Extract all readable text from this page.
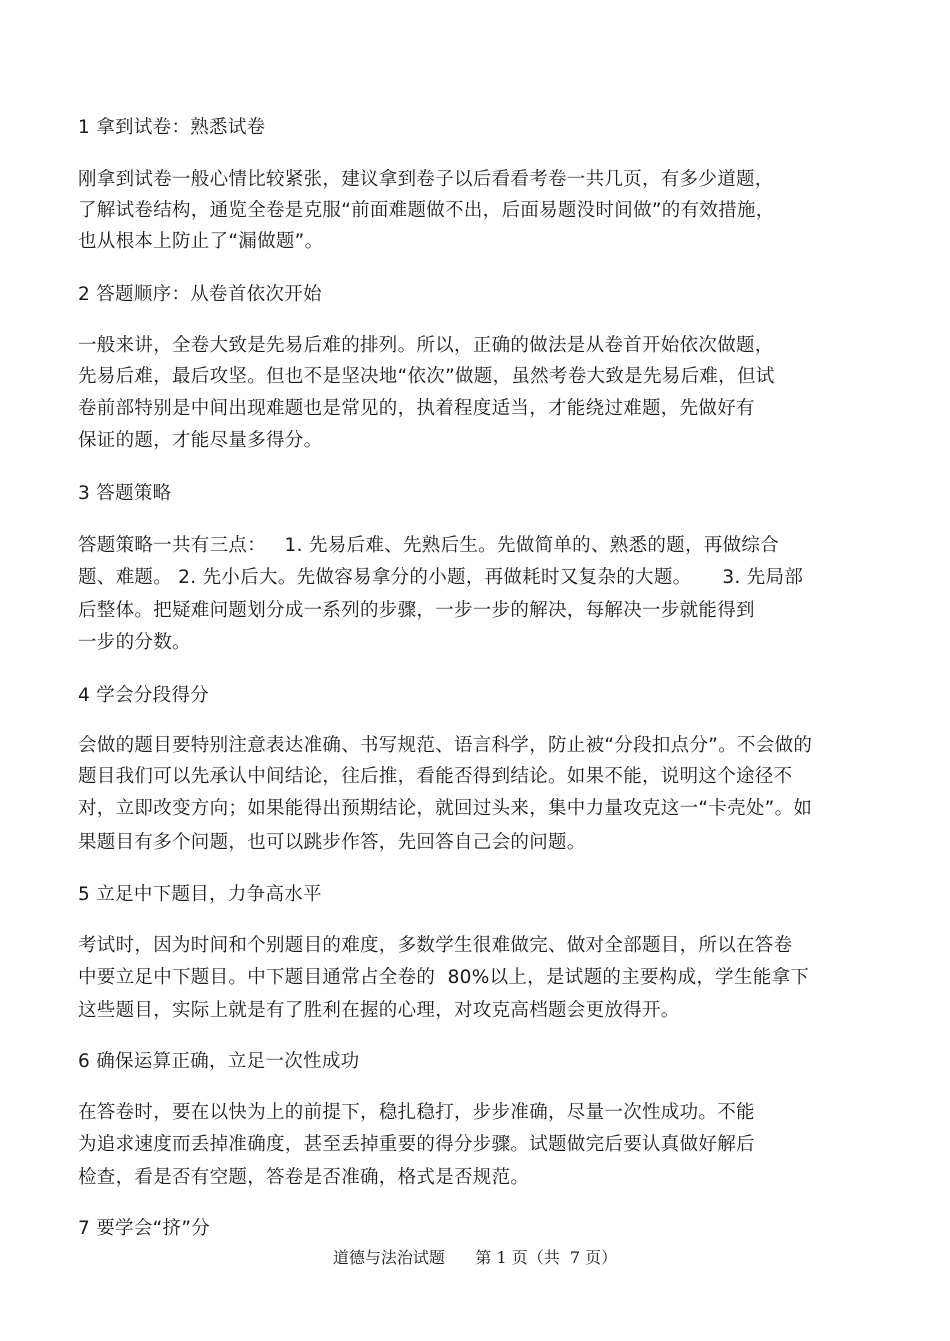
1 拿到试卷：熟悉试卷
刚拿到试卷一般心情比较紧张，建议拿到卷子以后看看考卷一共几页，有多少道题，
了解试卷结构，通览全卷是克服“前面难题做不出，后面易题没时间做”的有效措施，
也从根本上防止了“漏做题”。
2 答题顺序：从卷首依次开始
一般来讲，全卷大致是先易后难的排列。所以，正确的做法是从卷首开始依次做题，
先易后难，最后攻坚。但也不是坚决地“依次”做题，虽然考卷大致是先易后难，但试
卷前部特别是中间出现难题也是常见的，执着程度适当，才能绕过难题，先做好有
保证的题，才能尽量多得分。
3 答题策略
答题策略一共有三点：   1. 先易后难、先熟后生。先做简单的、熟悉的题，再做综合
题、难题。 2. 先小后大。先做容易拿分的小题，再做耗时又复杂的大题。     3. 先局部
后整体。把疑难问题划分成一系列的步骤，一步一步的解决，每解决一步就能得到
一步的分数。
4 学会分段得分
会做的题目要特别注意表达准确、书写规范、语言科学，防止被“分段扣点分”。不会做的
题目我们可以先承认中间结论，往后推，看能否得到结论。如果不能，说明这个途径不
对，立即改变方向；如果能得出预期结论，就回过头来，集中力量攻克这一“卡壳处”。如
果题目有多个问题，也可以跳步作答，先回答自己会的问题。
5 立足中下题目，力争高水平
考试时，因为时间和个别题目的难度，多数学生很难做完、做对全部题目，所以在答卷
中要立足中下题目。中下题目通常占全卷的  80%以上，是试题的主要构成，学生能拿下
这些题目，实际上就是有了胜利在握的心理，对攻克高档题会更放得开。
6 确保运算正确，立足一次性成功
在答卷时，要在以快为上的前提下，稳扎稳打，步步准确，尽量一次性成功。不能
为追求速度而丢掉准确度，甚至丢掉重要的得分步骤。试题做完后要认真做好解后
检查，看是否有空题，答卷是否准确，格式是否规范。
7 要学会“挤”分
道德与法治试题 第 1 页（共  7 页）
